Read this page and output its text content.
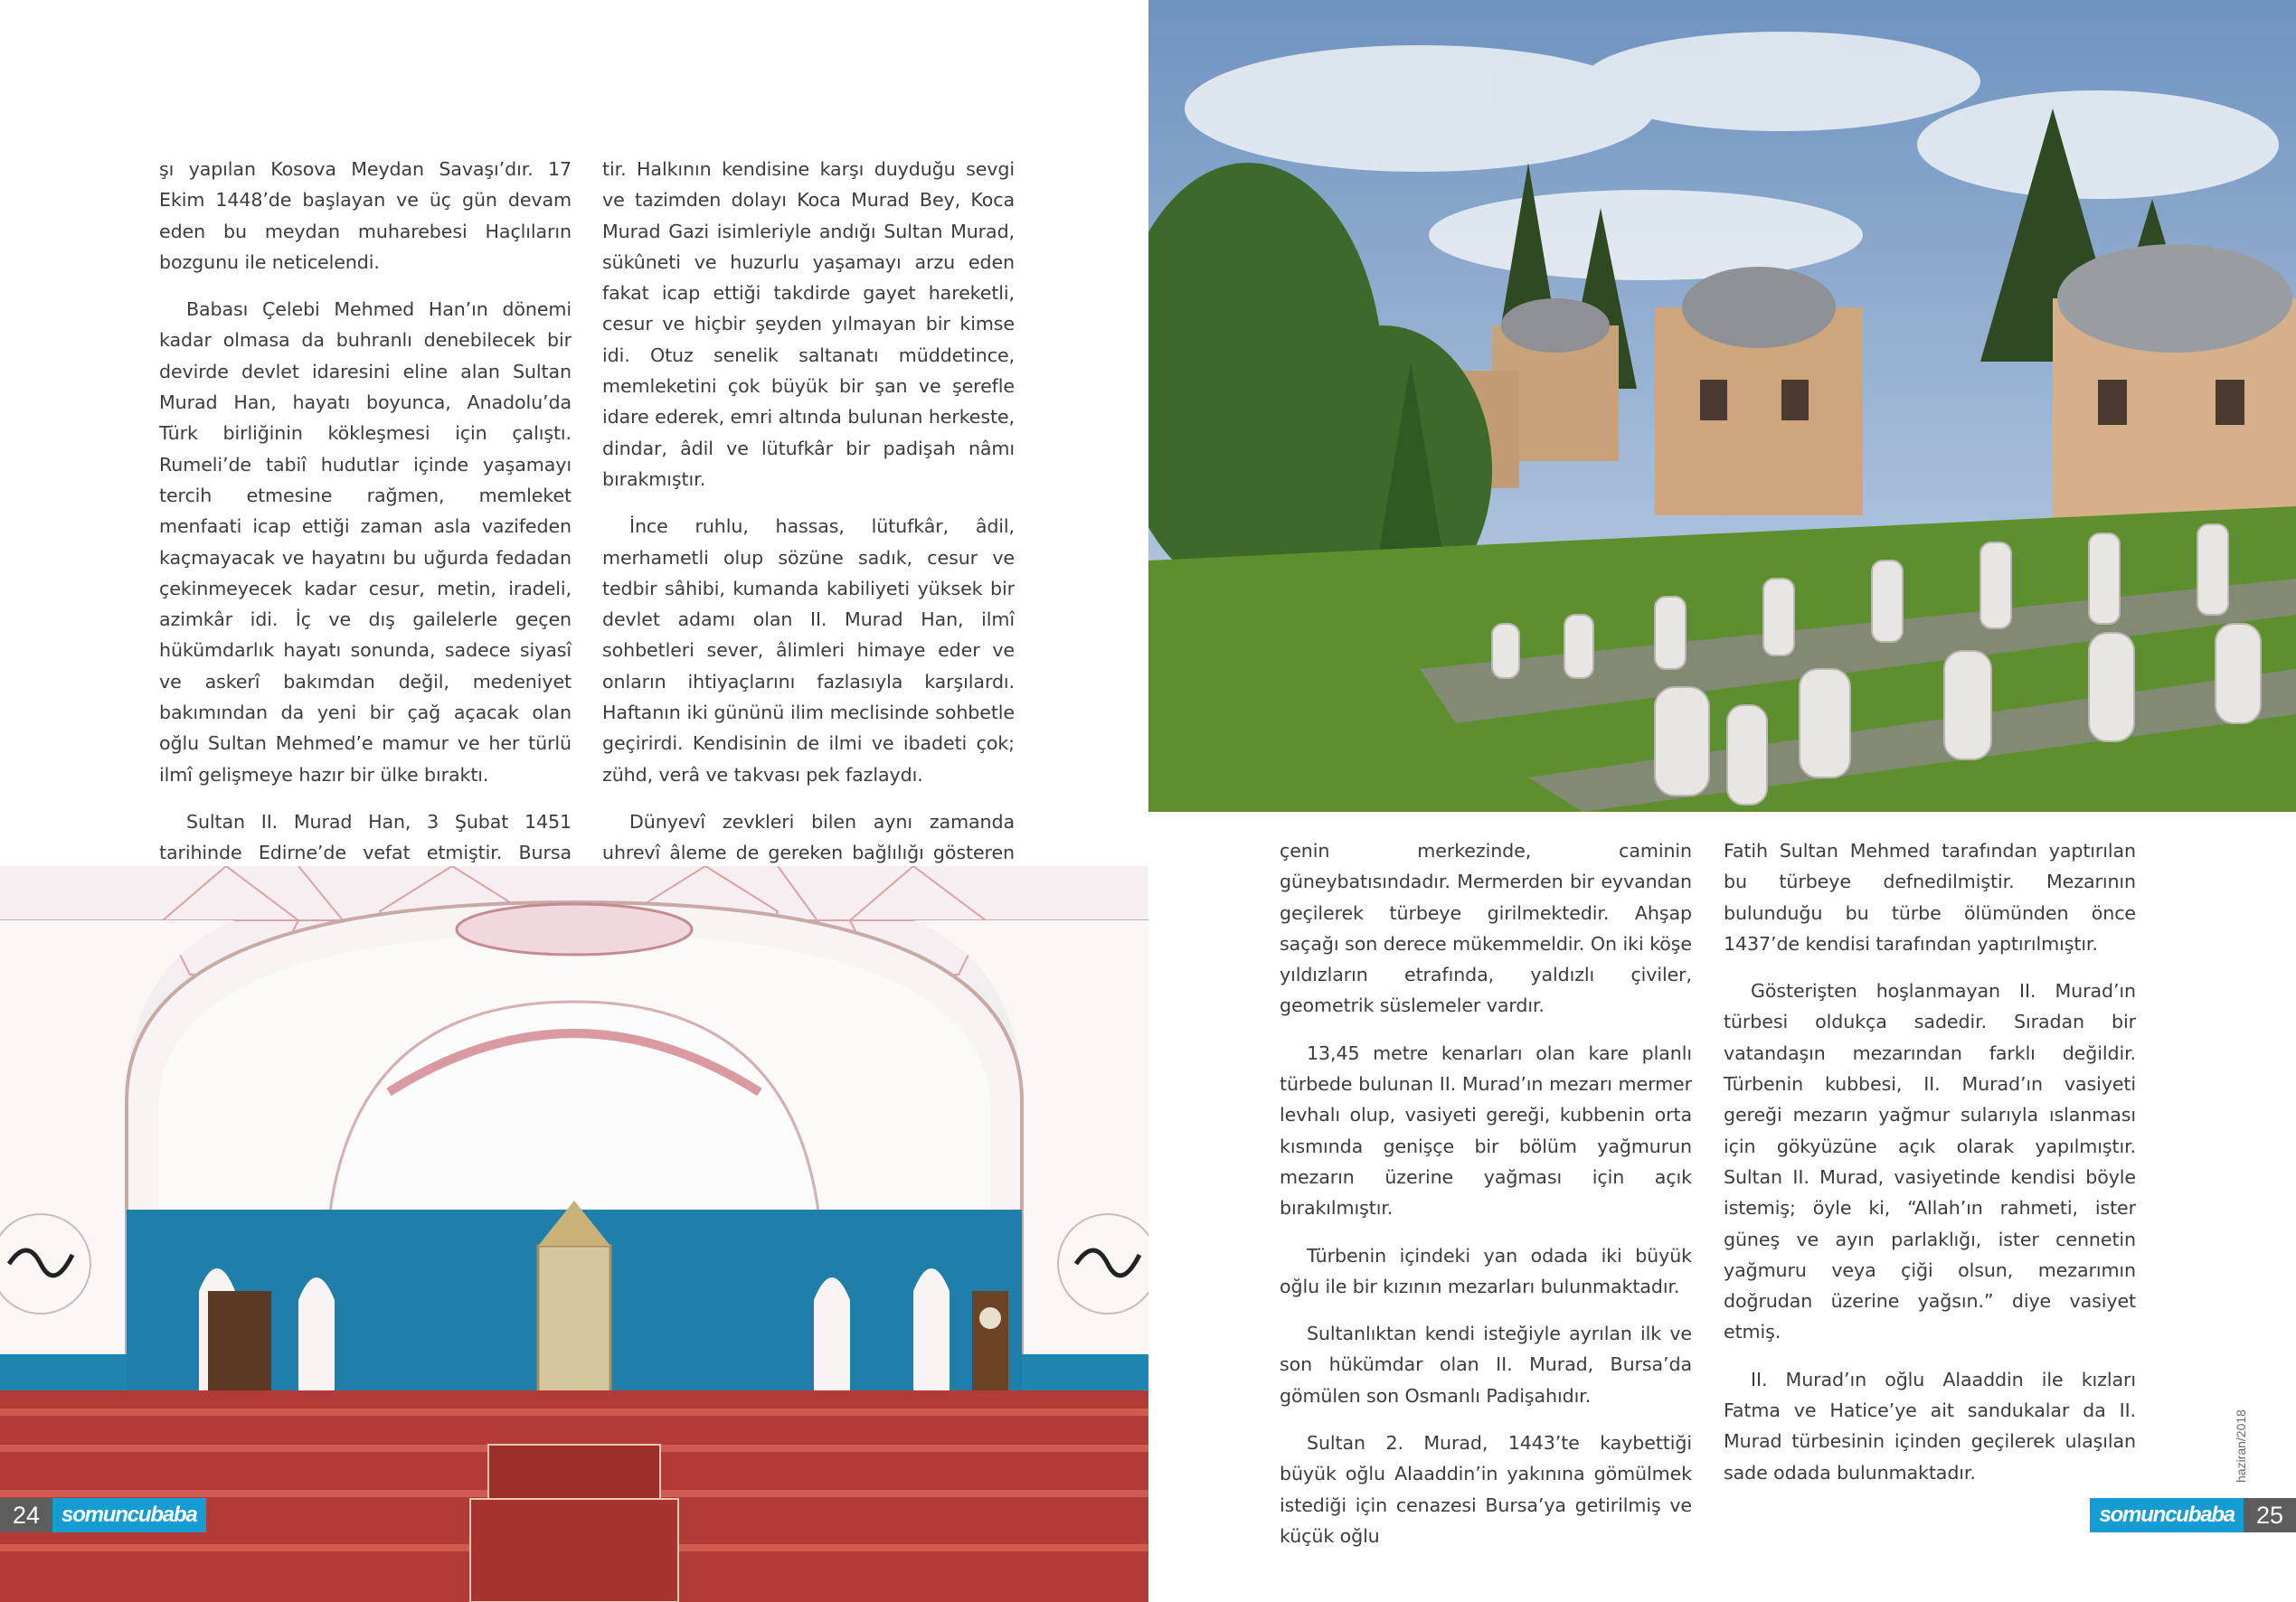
şı yapılan Kosova Meydan Savaşı’dır. 17 Ekim 1448’de başlayan ve üç gün devam eden bu meydan muharebesi Haçlıların bozgunu ile neticelendi.

Babası Çelebi Mehmed Han’ın dönemi kadar olmasa da buhranlı denebilecek bir devirde devlet idaresini eline alan Sultan Murad Han, hayatı boyunca, Anadolu’da Türk birliğinin kökleşmesi için çalıştı. Rumeli’de tabiî hudutlar içinde yaşamayı tercih etmesine rağmen, memleket menfaati icap ettiği zaman asla vazifeden kaçmayacak ve hayatını bu uğurda fedadan çekinmeyecek kadar cesur, metin, iradeli, azimkâr idi. İç ve dış gailelerle geçen hükümdarlık hayatı sonunda, sadece siyasî ve askerî bakımdan değil, medeniyet bakımından da yeni bir çağ açacak olan oğlu Sultan Mehmed’e mamur ve her türlü ilmî gelişmeye hazır bir ülke bıraktı.

Sultan II. Murad Han, 3 Şubat 1451 tarihinde Edirne’de vefat etmiştir. Bursa

tir. Halkının kendisine karşı duyduğu sevgi ve tazimden dolayı Koca Murad Bey, Koca Murad Gazi isimleriyle andığı Sultan Murad, sükûneti ve huzurlu yaşamayı arzu eden fakat icap ettiği takdirde gayet hareketli, cesur ve hiçbir şeyden yılmayan bir kimse idi. Otuz senelik saltanatı müddetince, memleketini çok büyük bir şan ve şerefle idare ederek, emri altında bulunan herkeste, dindar, âdil ve lütufkâr bir padişah nâmı bırakmıştır.

İnce ruhlu, hassas, lütufkâr, âdil, merhametli olup sözüne sadık, cesur ve tedbir sâhibi, kumanda kabiliyeti yüksek bir devlet adamı olan II. Murad Han, ilmî sohbetleri sever, âlimleri himaye eder ve onların ihtiyaçlarını fazlasıyla karşılardı. Haftanın iki gününü ilim meclisinde sohbetle geçirirdi. Kendisinin de ilmi ve ibadeti çok; zühd, verâ ve takvası pek fazlaydı.

Dünyevî zevkleri bilen aynı zamanda uhrevî âleme de gereken bağlılığı gösteren	çenin merkezinde, caminin güneybatısındadır. Mermerden bir eyvandan geçilerek türbeye girilmektedir. Ahşap saçağı son derece mükemmeldir. On iki köşe yıldızların etrafında, yaldızlı çiviler, geometrik süslemeler vardır.

13,45 metre kenarları olan kare planlı türbede bulunan II. Murad’ın mezarı mermer levhalı olup, vasiyeti gereği, kubbenin orta kısmında genişçe bir bölüm yağmurun mezarın üzerine yağması için açık bırakılmıştır.

Türbenin içindeki yan odada iki büyük oğlu ile bir kızının mezarları bulunmaktadır.

Sultanlıktan kendi isteğiyle ayrılan ilk ve son hükümdar olan II. Murad, Bursa’da gömülen son Osmanlı Padişahıdır.

Sultan 2. Murad, 1443’te kaybettiği büyük oğlu Alaaddin’in yakınına gömülmek istediği için cenazesi Bursa’ya getirilmiş ve küçük oğlu

Fatih Sultan Mehmed tarafından yaptırılan bu türbeye defnedilmiştir. Mezarının bulunduğu bu türbe ölümünden önce 1437’de kendisi tarafından yaptırılmıştır.

Gösterişten hoşlanmayan II. Murad’ın türbesi oldukça sadedir. Sıradan bir vatandaşın mezarından farklı değildir. Türbenin kubbesi, II. Murad’ın vasiyeti gereği mezarın yağmur sularıyla ıslanması için gökyüzüne açık olarak yapılmıştır. Sultan II. Murad, vasiyetinde kendisi böyle istemiş; öyle ki, “Allah’ın rahmeti, ister güneş ve ayın parlaklığı, ister cennetin yağmuru veya çiği olsun, mezarımın doğrudan üzerine yağsın.” diye vasiyet etmiş.

II. Murad’ın oğlu Alaaddin ile kızları Fatma ve Hatice’ye ait sandukalar da II. Murad türbesinin içinden geçilerek ulaşılan sade odada bulunmaktadır.

24	somuncubaba	somuncubaba 25
haziran/2018
